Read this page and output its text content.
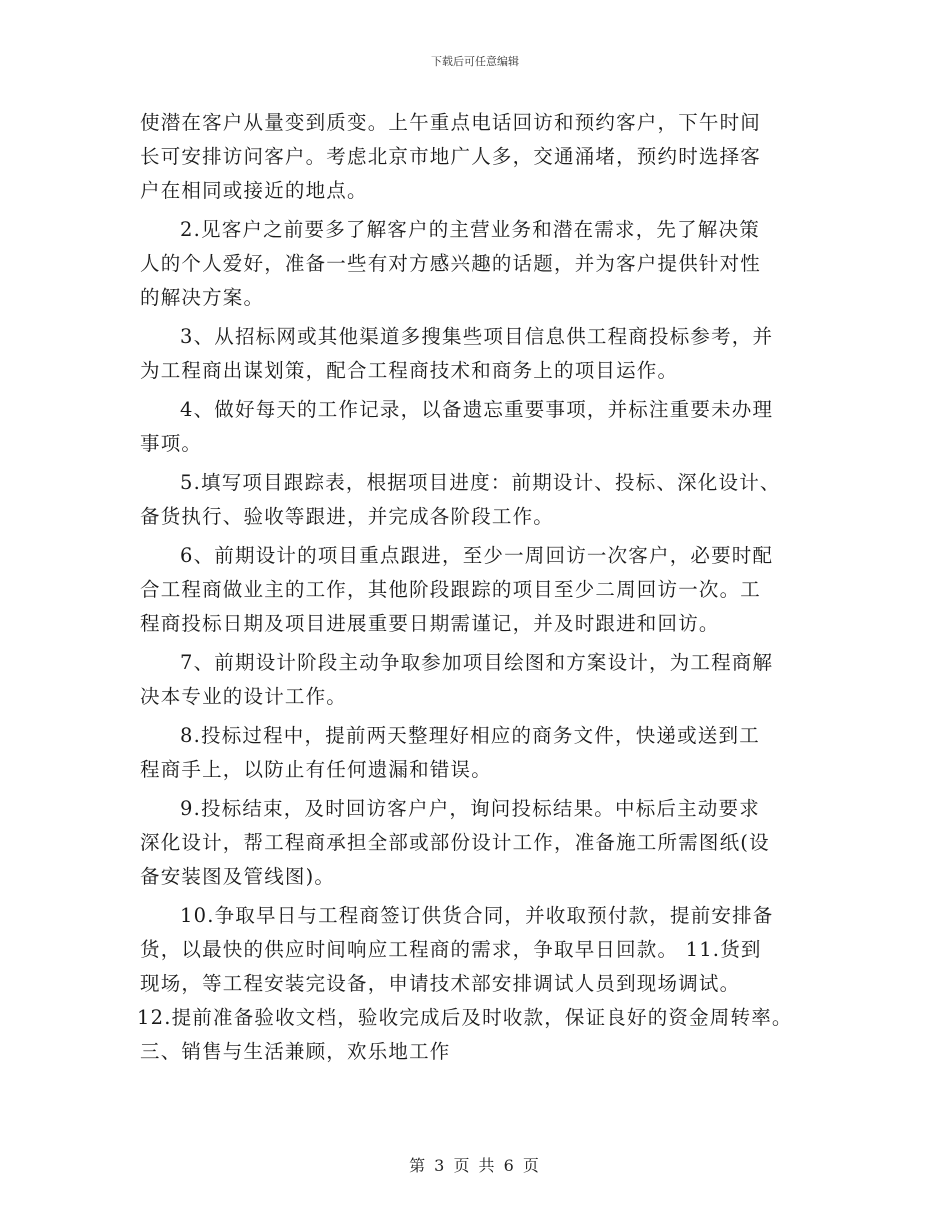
下载后可任意编辑
使潜在客户从量变到质变。上午重点电话回访和预约客户，下午时间
长可安排访问客户。考虑北京市地广人多，交通涌堵，预约时选择客
户在相同或接近的地点。
2.见客户之前要多了解客户的主营业务和潜在需求，先了解决策
人的个人爱好，准备一些有对方感兴趣的话题，并为客户提供针对性
的解决方案。
3、从招标网或其他渠道多搜集些项目信息供工程商投标参考，并
为工程商出谋划策，配合工程商技术和商务上的项目运作。
4、做好每天的工作记录，以备遗忘重要事项，并标注重要未办理
事项。
5.填写项目跟踪表，根据项目进度：前期设计、投标、深化设计、
备货执行、验收等跟进，并完成各阶段工作。
6、前期设计的项目重点跟进，至少一周回访一次客户，必要时配
合工程商做业主的工作，其他阶段跟踪的项目至少二周回访一次。工
程商投标日期及项目进展重要日期需谨记，并及时跟进和回访。
7、前期设计阶段主动争取参加项目绘图和方案设计，为工程商解
决本专业的设计工作。
8.投标过程中，提前两天整理好相应的商务文件，快递或送到工
程商手上，以防止有任何遗漏和错误。
9.投标结束，及时回访客户户，询问投标结果。中标后主动要求
深化设计，帮工程商承担全部或部份设计工作，准备施工所需图纸(设
备安装图及管线图)。
10.争取早日与工程商签订供货合同，并收取预付款，提前安排备
货，以最快的供应时间响应工程商的需求，争取早日回款。 11.货到
现场，等工程安装完设备，申请技术部安排调试人员到现场调试。
12.提前准备验收文档，验收完成后及时收款，保证良好的资金周转率。
三、销售与生活兼顾，欢乐地工作
第 3 页 共 6 页
